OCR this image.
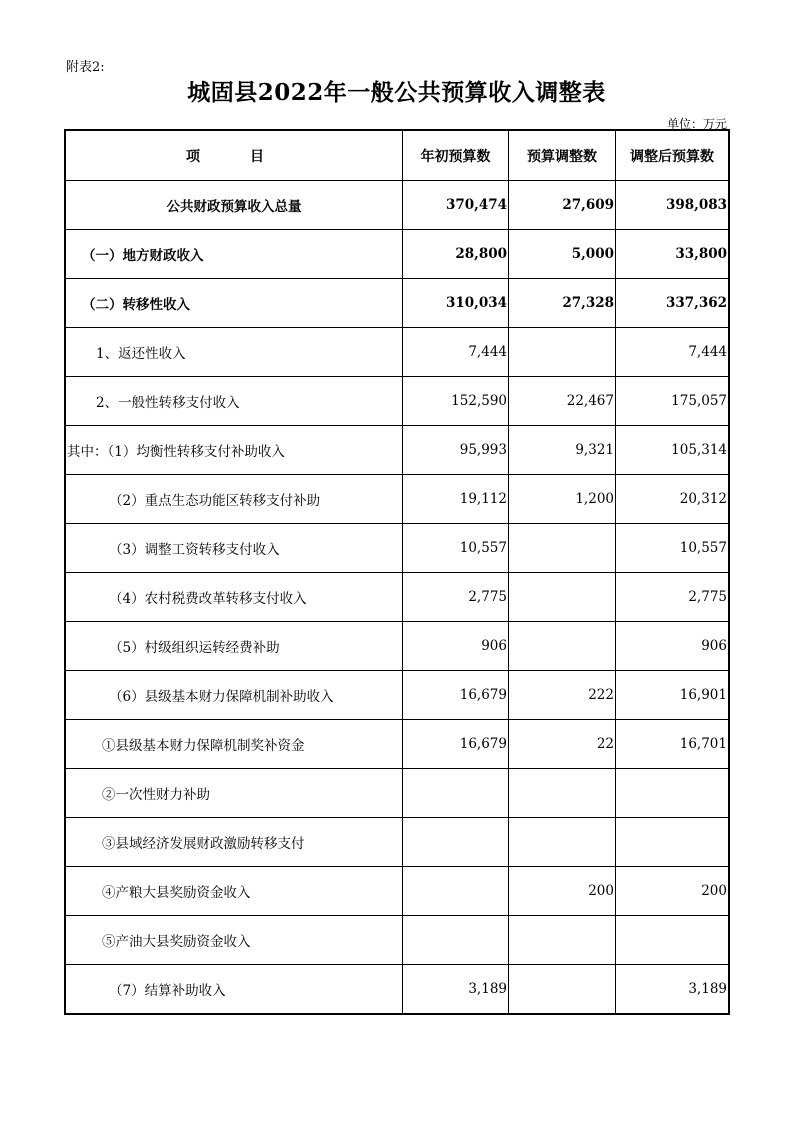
附表2:
城固县2022年一般公共预算收入调整表
单位：万元
项　目	年初预算数	预算调整数	调整后预算数
公共财政预算收入总量	370,474	27,609	398,083
（一）地方财政收入	28,800	5,000	33,800
（二）转移性收入	310,034	27,328	337,362
1、返还性收入	7,444		7,444
2、一般性转移支付收入	152,590	22,467	175,057
其中：（1）均衡性转移支付补助收入	95,993	9,321	105,314
（2）重点生态功能区转移支付补助	19,112	1,200	20,312
（3）调整工资转移支付收入	10,557		10,557
（4）农村税费改革转移支付收入	2,775		2,775
（5）村级组织运转经费补助	906		906
（6）县级基本财力保障机制补助收入	16,679	222	16,901
①县级基本财力保障机制奖补资金	16,679	22	16,701
②一次性财力补助			
③县域经济发展财政激励转移支付			
④产粮大县奖励资金收入		200	200
⑤产油大县奖励资金收入			
（7）结算补助收入	3,189		3,189
